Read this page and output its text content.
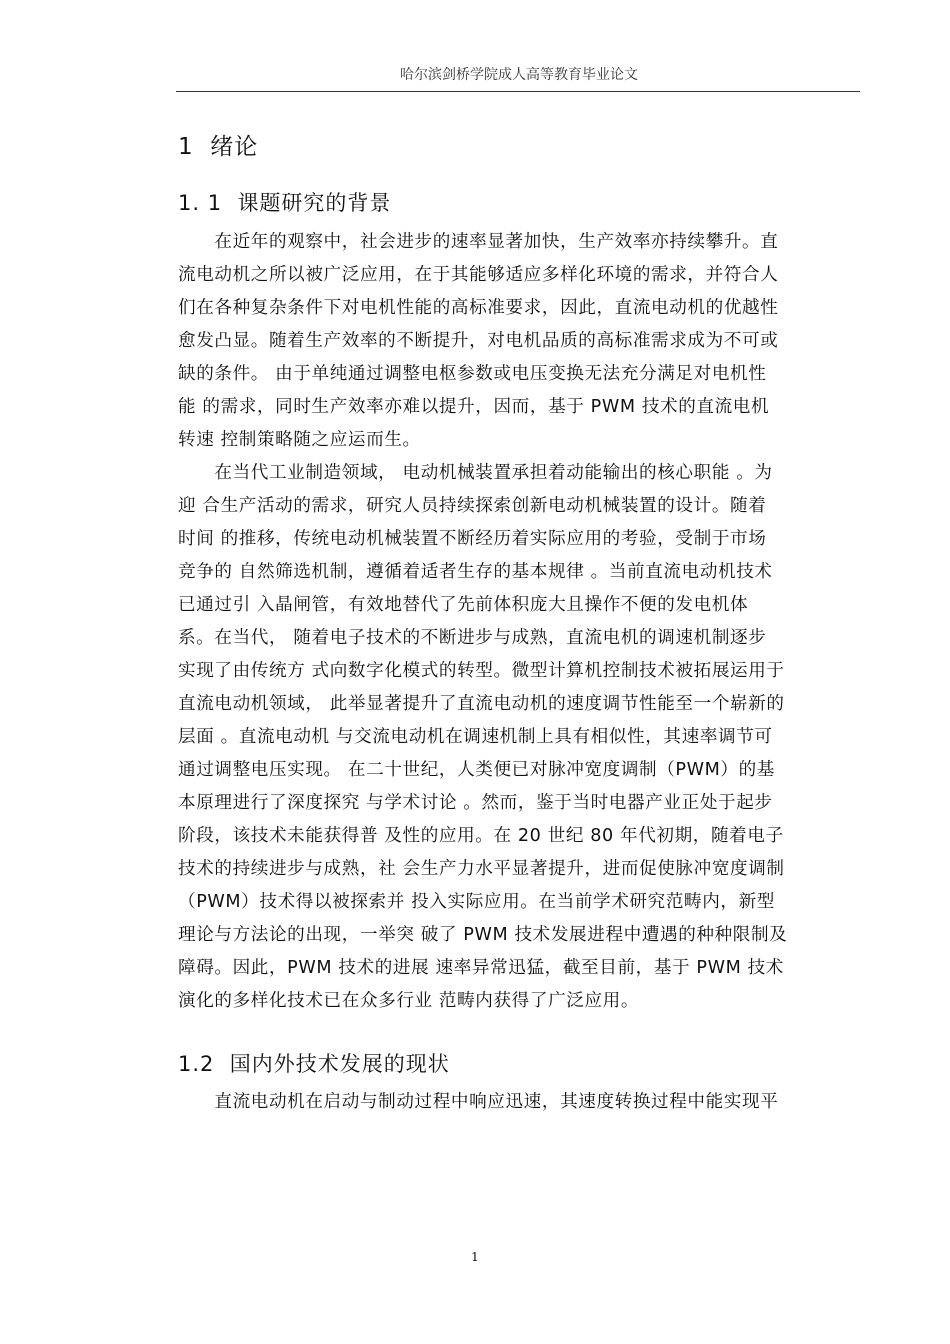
哈尔滨剑桥学院成人高等教育毕业论文
1 绪论
1. 1 课题研究的背景
　　在近年的观察中，社会进步的速率显著加快，生产效率亦持续攀升。直
流电动机之所以被广泛应用，在于其能够适应多样化环境的需求，并符合人
们在各种复杂条件下对电机性能的高标准要求，因此，直流电动机的优越性
愈发凸显。随着生产效率的不断提升，对电机品质的高标准需求成为不可或
缺的条件。 由于单纯通过调整电枢参数或电压变换无法充分满足对电机性
能 的需求，同时生产效率亦难以提升，因而，基于 PWM 技术的直流电机
转速 控制策略随之应运而生。
　　在当代工业制造领域， 电动机械装置承担着动能输出的核心职能 。为
迎 合生产活动的需求，研究人员持续探索创新电动机械装置的设计。随着
时间 的推移，传统电动机械装置不断经历着实际应用的考验，受制于市场
竞争的 自然筛选机制，遵循着适者生存的基本规律 。当前直流电动机技术
已通过引 入晶闸管，有效地替代了先前体积庞大且操作不便的发电机体
系。在当代， 随着电子技术的不断进步与成熟，直流电机的调速机制逐步
实现了由传统方 式向数字化模式的转型。微型计算机控制技术被拓展运用于
直流电动机领域， 此举显著提升了直流电动机的速度调节性能至一个崭新的
层面 。直流电动机 与交流电动机在调速机制上具有相似性，其速率调节可
通过调整电压实现。 在二十世纪，人类便已对脉冲宽度调制（PWM）的基
本原理进行了深度探究 与学术讨论 。然而，鉴于当时电器产业正处于起步
阶段，该技术未能获得普 及性的应用。在 20 世纪 80 年代初期，随着电子
技术的持续进步与成熟，社 会生产力水平显著提升，进而促使脉冲宽度调制
（PWM）技术得以被探索并 投入实际应用。在当前学术研究范畴内，新型
理论与方法论的出现，一举突 破了 PWM 技术发展进程中遭遇的种种限制及
障碍。因此，PWM 技术的进展 速率异常迅猛，截至目前，基于 PWM 技术
演化的多样化技术已在众多行业 范畴内获得了广泛应用。
1.2 国内外技术发展的现状
　　直流电动机在启动与制动过程中响应迅速，其速度转换过程中能实现平
1
